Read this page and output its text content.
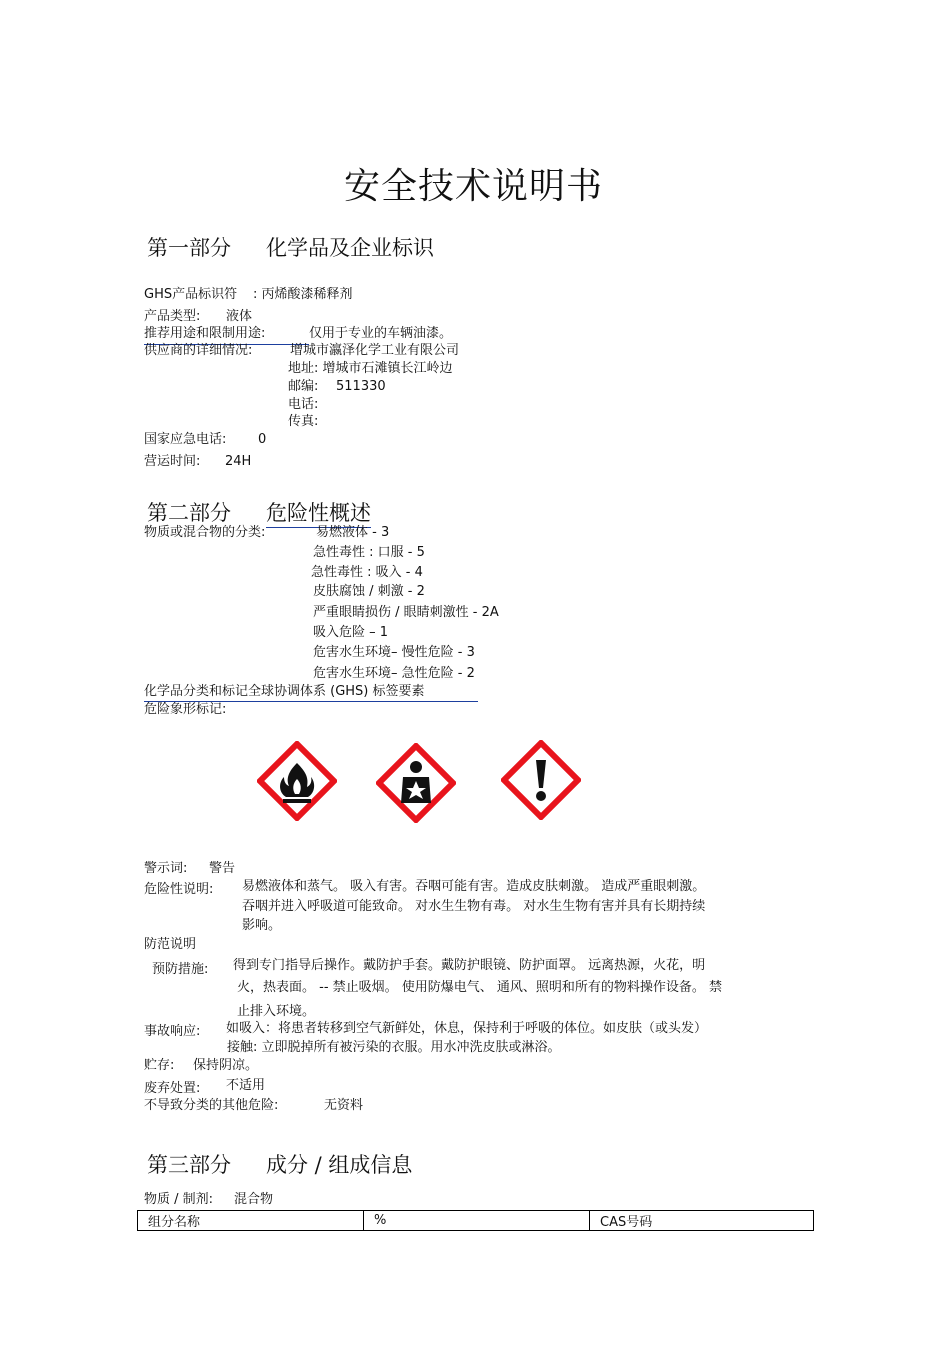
安全技术说明书
第一部分 化学品及企业标识
GHS产品标识符 : 丙烯酸漆稀释剂
产品类型: 液体
推荐用途和限制用途:	仅用于专业的车辆油漆。
供应商的详细情况:	增城市瀛泽化学工业有限公司
地址: 增城市石滩镇长江岭边
邮编: 511330
电话:
传真:
国家应急电话: 0
营运时间: 24H
第二部分 危险性概述
物质或混合物的分类:	易燃液体 - 3
急性毒性 : 口服 - 5
急性毒性 : 吸入 - 4
皮肤腐蚀 / 刺激 - 2
严重眼睛损伤 / 眼睛刺激性 - 2A
吸入危险 – 1
危害水生环境– 慢性危险 - 3
危害水生环境– 急性危险 - 2
化学品分类和标记全球协调体系 (GHS) 标签要素
危险象形标记:
警示词: 警告
危险性说明: 易燃液体和蒸气。 吸入有害。吞咽可能有害。造成皮肤刺激。 造成严重眼刺激。
吞咽并进入呼吸道可能致命。 对水生生物有毒。 对水生生物有害并具有长期持续
影响。
防范说明
预防措施: 得到专门指导后操作。戴防护手套。戴防护眼镜、防护面罩。 远离热源，火花，明
火，热表面。 -- 禁止吸烟。 使用防爆电气、 通风、照明和所有的物料操作设备。 禁
止排入环境。
事故响应: 如吸入：将患者转移到空气新鲜处，休息，保持利于呼吸的体位。如皮肤（或头发）
接触: 立即脱掉所有被污染的衣服。用水冲洗皮肤或淋浴。
贮存: 保持阴凉。
废弃处置: 不适用
不导致分类的其他危险:	无资料
第三部分 成分 / 组成信息
物质 / 制剂: 混合物
组分名称	%	CAS号码
